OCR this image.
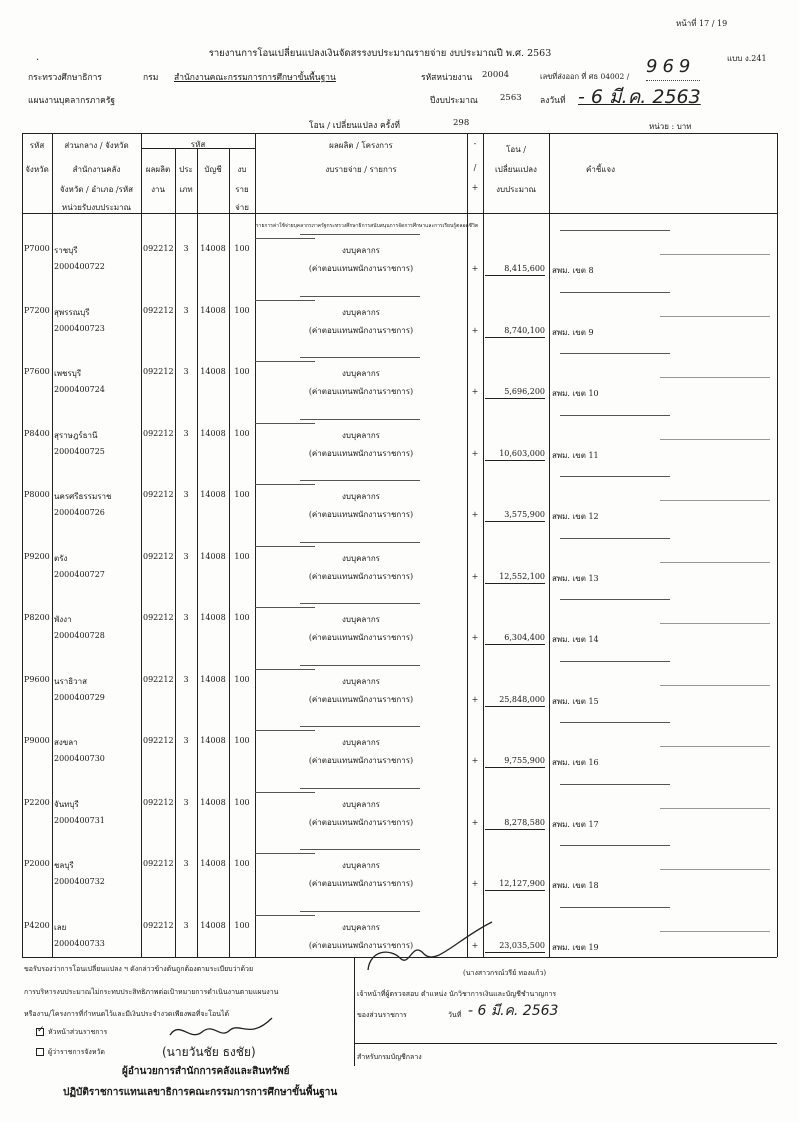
หน้าที่ 17 / 19
.	รายงานการโอนเปลี่ยนแปลงเงินจัดสรรงบประมาณรายจ่าย งบประมาณปี พ.ศ. 2563	แบบ ง.241
กระทรวงศึกษาธิการ	กรม สำนักงานคณะกรรมการการศึกษาขั้นพื้นฐาน	รหัสหน่วยงาน 20004	เลขที่ส่งออก ที่ ศธ 04002 / 969
แผนงานบุคลากรภาครัฐ	ปีงบประมาณ	2563 ลงวันที่ - 6 มี.ค. 2563
โอน / เปลี่ยนแปลง ครั้งที่	298	หน่วย : บาท
รหัส
จังหวัด
ส่วนกลาง / จังหวัด
สำนักงานคลัง
จังหวัด / อำเภอ /รหัส
หน่วยรับงบประมาณ
รหัส
ผลผลิต
งาน
ประ
เภท
บัญชี	งบ
ราย
จ่าย
ผลผลิต / โครงการ
งบรายจ่าย / รายการ
-
/
+
โอน /
เปลี่ยนแปลง
งบประมาณ
คำชี้แจง
รายการค่าใช้จ่ายบุคลากรภาครัฐกระทรวงศึกษาธิการสนับสนุนการจัดการศึกษาและการเรียนรู้ตลอดชีวิต
P7000 ราชบุรี	092212	3	14008	100	งบบุคลากร
2000400722	(ค่าตอบแทนพนักงานราชการ)	+	8,415,600 สพม. เขต 8
P7200 สุพรรณบุรี	092212	3	14008	100	งบบุคลากร
2000400723	(ค่าตอบแทนพนักงานราชการ)	+	8,740,100 สพม. เขต 9
P7600 เพชรบุรี	092212	3	14008	100	งบบุคลากร
2000400724	(ค่าตอบแทนพนักงานราชการ)	+	5,696,200 สพม. เขต 10
P8400 สุราษฎร์ธานี	092212	3	14008	100	งบบุคลากร
2000400725	(ค่าตอบแทนพนักงานราชการ)	+	10,603,000 สพม. เขต 11
P8000 นครศรีธรรมราช	092212	3	14008	100	งบบุคลากร
2000400726	(ค่าตอบแทนพนักงานราชการ)	+	3,575,900 สพม. เขต 12
P9200 ตรัง	092212	3	14008	100	งบบุคลากร
2000400727	(ค่าตอบแทนพนักงานราชการ)	+	12,552,100 สพม. เขต 13
P8200 พังงา	092212	3	14008	100	งบบุคลากร
2000400728	(ค่าตอบแทนพนักงานราชการ)	+	6,304,400 สพม. เขต 14
P9600 นราธิวาส	092212	3	14008	100	งบบุคลากร
2000400729	(ค่าตอบแทนพนักงานราชการ)	+	25,848,000 สพม. เขต 15
P9000 สงขลา	092212	3	14008	100	งบบุคลากร
2000400730	(ค่าตอบแทนพนักงานราชการ)	+	9,755,900 สพม. เขต 16
P2200 จันทบุรี	092212	3	14008	100	งบบุคลากร
2000400731	(ค่าตอบแทนพนักงานราชการ)	+	8,278,580 สพม. เขต 17
P2000 ชลบุรี	092212	3	14008	100	งบบุคลากร
2000400732	(ค่าตอบแทนพนักงานราชการ)	+	12,127,900 สพม. เขต 18
P4200 เลย	092212	3	14008	100	งบบุคลากร
2000400733	(ค่าตอบแทนพนักงานราชการ)	+	23,035,500 สพม. เขต 19
ขอรับรองว่าการโอนเปลี่ยนแปลง ฯ ดังกล่าวข้างต้นถูกต้องตามระเบียบว่าด้วย
การบริหารงบประมาณไม่กระทบประสิทธิภาพต่อเป้าหมายการดำเนินงานตามแผนงาน
หรืองาน/โครงการที่กำหนดไว้และมีเงินประจำงวดเพียงพอที่จะโอนได้
✓หัวหน้าส่วนราชการ
ผู้ว่าราชการจังหวัด	(นายวันชัย ธงชัย)
ผู้อำนวยการสำนักการคลังและสินทรัพย์
ปฏิบัติราชการแทนเลขาธิการคณะกรรมการการศึกษาขั้นพื้นฐาน
(นางสาวกรณ์วรีย์ ทองแก้ว)
เจ้าหน้าที่ผู้ตรวจสอบ ตำแหน่ง นักวิชาการเงินและบัญชีชำนาญการ
ของส่วนราชการ	วันที่ - 6 มี.ค. 2563
สำหรับกรมบัญชีกลาง
